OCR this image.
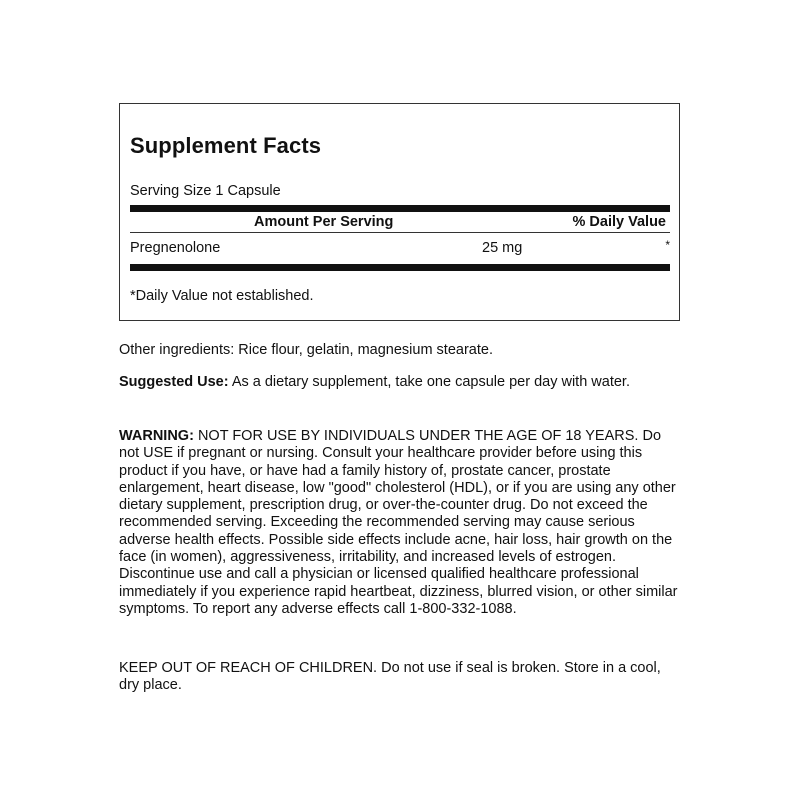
Supplement Facts
Serving Size 1 Capsule
Amount Per Serving	% Daily Value
Pregnenolone	25 mg	*
*Daily Value not established.

Other ingredients: Rice flour, gelatin, magnesium stearate.

Suggested Use: As a dietary supplement, take one capsule per day with water.

WARNING: NOT FOR USE BY INDIVIDUALS UNDER THE AGE OF 18 YEARS. Do not USE if pregnant or nursing. Consult your healthcare provider before using this product if you have, or have had a family history of, prostate cancer, prostate enlargement, heart disease, low "good" cholesterol (HDL), or if you are using any other dietary supplement, prescription drug, or over-the-counter drug. Do not exceed the recommended serving. Exceeding the recommended serving may cause serious adverse health effects. Possible side effects include acne, hair loss, hair growth on the face (in women), aggressiveness, irritability, and increased levels of estrogen. Discontinue use and call a physician or licensed qualified healthcare professional immediately if you experience rapid heartbeat, dizziness, blurred vision, or other similar symptoms. To report any adverse effects call 1-800-332-1088.

KEEP OUT OF REACH OF CHILDREN. Do not use if seal is broken. Store in a cool, dry place.
